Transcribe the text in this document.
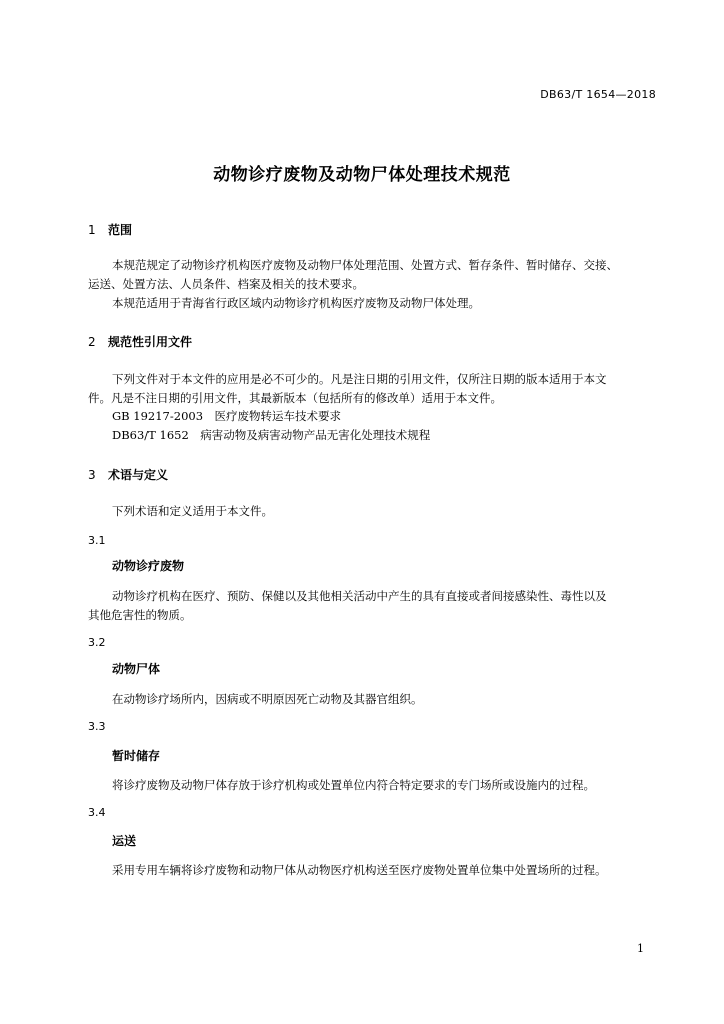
DB63/T 1654—2018
动物诊疗废物及动物尸体处理技术规范
1 范围
本规范规定了动物诊疗机构医疗废物及动物尸体处理范围、处置方式、暂存条件、暂时储存、交接、
运送、处置方法、人员条件、档案及相关的技术要求。
本规范适用于青海省行政区域内动物诊疗机构医疗废物及动物尸体处理。
2 规范性引用文件
下列文件对于本文件的应用是必不可少的。凡是注日期的引用文件，仅所注日期的版本适用于本文
件。凡是不注日期的引用文件，其最新版本（包括所有的修改单）适用于本文件。
GB 19217-2003　医疗废物转运车技术要求
DB63/T 1652　病害动物及病害动物产品无害化处理技术规程
3 术语与定义
下列术语和定义适用于本文件。
3.1
动物诊疗废物
动物诊疗机构在医疗、预防、保健以及其他相关活动中产生的具有直接或者间接感染性、毒性以及
其他危害性的物质。
3.2
动物尸体
在动物诊疗场所内，因病或不明原因死亡动物及其器官组织。
3.3
暂时储存
将诊疗废物及动物尸体存放于诊疗机构或处置单位内符合特定要求的专门场所或设施内的过程。
3.4
运送
采用专用车辆将诊疗废物和动物尸体从动物医疗机构送至医疗废物处置单位集中处置场所的过程。
1
